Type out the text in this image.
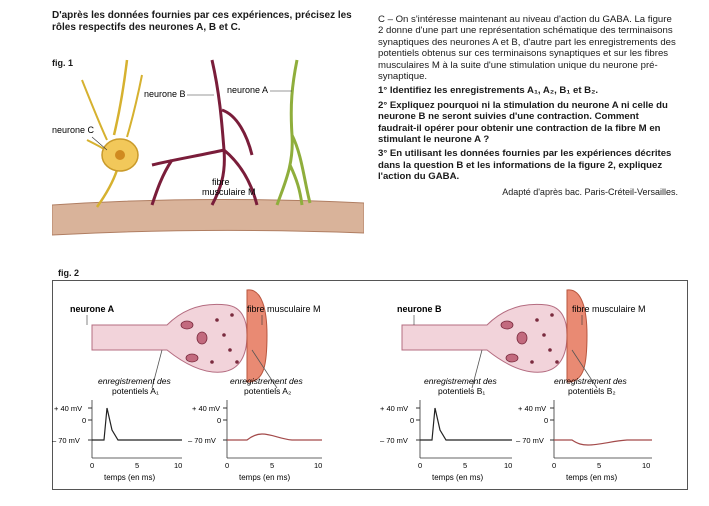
D'après les données fournies par ces expériences, précisez les rôles respectifs des neurones A, B et C.
fig. 1
neurone C
neurone B	neurone A
fibre
musculaire M

C – On s'intéresse maintenant au niveau d'action du GABA. La figure 2 donne d'une part une représentation schématique des terminaisons synaptiques des neurones A et B, d'autre part les enregistrements des potentiels obtenus sur ces terminaisons synaptiques et sur les fibres musculaires M à la suite d'une stimulation unique du neurone pré-synaptique.

1° Identifiez les enregistrements A₁, A₂, B₁ et B₂.

2° Expliquez pourquoi ni la stimulation du neurone A ni celle du neurone B ne seront suivies d'une contraction. Comment faudrait-il opérer pour obtenir une contraction de la fibre M en stimulant le neurone A ?

3° En utilisant les données fournies par les expériences décrites dans la question B et les informations de la figure 2, expliquez l'action du GABA.

Adapté d'après bac. Paris-Créteil-Versailles.
fig. 2
neurone A	fibre musculaire M
enregistrement des
potentiels A₁
enregistrement des
potentiels A₂
+ 40 mV
0
– 70 mV
0	5	10
temps (en ms)
+ 40 mV
0
– 70 mV
0	5	10
temps (en ms)
neurone B	fibre musculaire M
enregistrement des
potentiels B₁
enregistrement des
potentiels B₂
+ 40 mV
0
– 70 mV
0	5	10
temps (en ms)
+ 40 mV
0
– 70 mV
0	5	10
temps (en ms)
